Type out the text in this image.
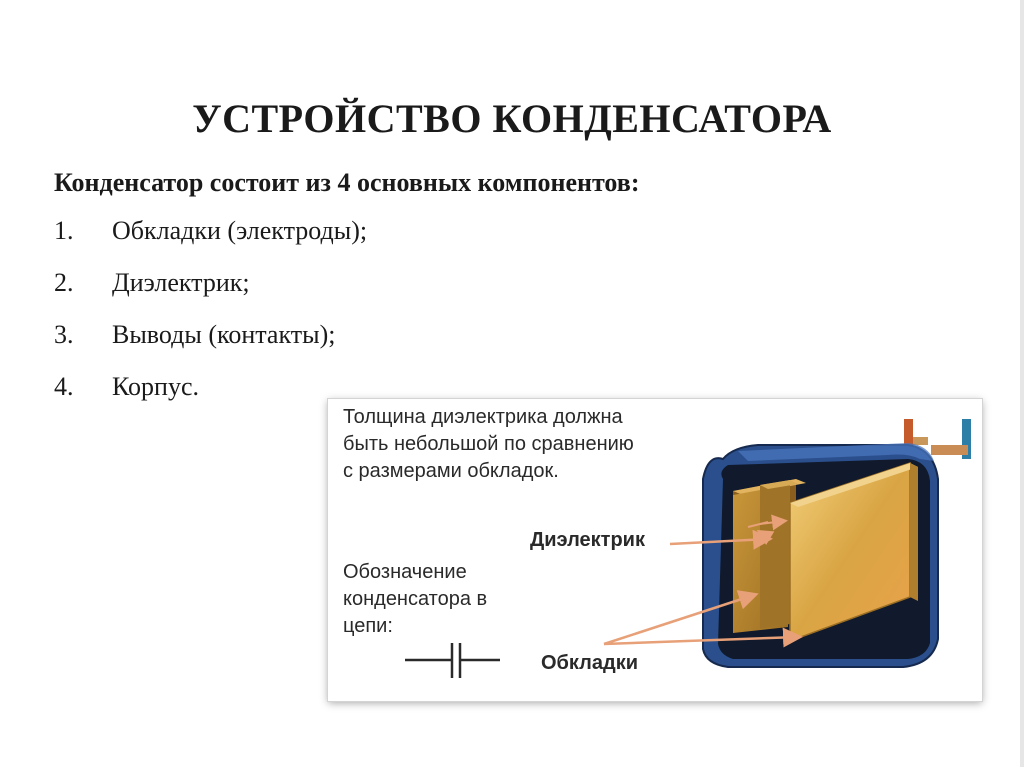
УСТРОЙСТВО КОНДЕНСАТОРА

Конденсатор состоит из 4 основных компонентов:

1.	Обкладки (электроды);
2.	Диэлектрик;
3.	Выводы (контакты);
4.	Корпус.

Толщина диэлектрика должна быть небольшой по сравнению с размерами обкладок.

Обозначение конденсатора в цепи:

Диэлектрик
Обкладки
